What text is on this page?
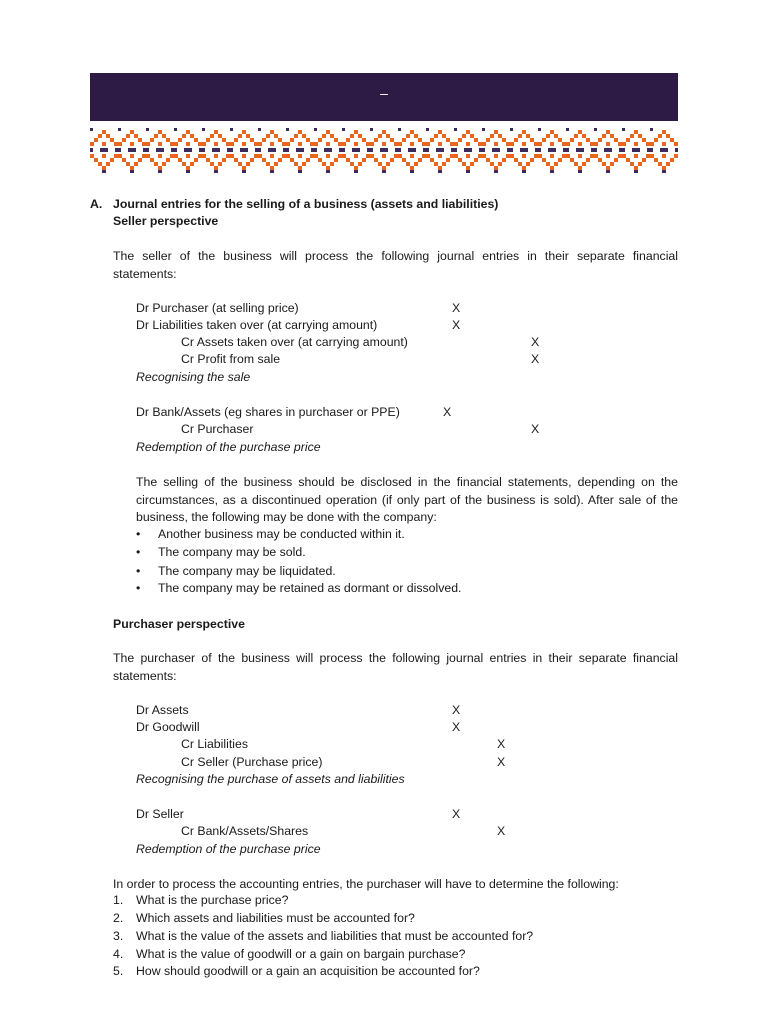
–
A. Journal entries for the selling of a business (assets and liabilities)
Seller perspective
The seller of the business will process the following journal entries in their separate financial statements:
Dr Purchaser (at selling price)	X
Dr Liabilities taken over (at carrying amount)	X
Cr Assets taken over (at carrying amount)	X
Cr Profit from sale	X
Recognising the sale
Dr Bank/Assets (eg shares in purchaser or PPE)	X
Cr Purchaser	X
Redemption of the purchase price
The selling of the business should be disclosed in the financial statements, depending on the circumstances, as a discontinued operation (if only part of the business is sold). After sale of the business, the following may be done with the company:
• Another business may be conducted within it.
• The company may be sold.
• The company may be liquidated.
• The company may be retained as dormant or dissolved.
Purchaser perspective
The purchaser of the business will process the following journal entries in their separate financial statements:
Dr Assets	X
Dr Goodwill	X
Cr Liabilities	X
Cr Seller (Purchase price)	X
Recognising the purchase of assets and liabilities
Dr Seller	X
Cr Bank/Assets/Shares	X
Redemption of the purchase price
In order to process the accounting entries, the purchaser will have to determine the following:
1. What is the purchase price?
2. Which assets and liabilities must be accounted for?
3. What is the value of the assets and liabilities that must be accounted for?
4. What is the value of goodwill or a gain on bargain purchase?
5. How should goodwill or a gain an acquisition be accounted for?
